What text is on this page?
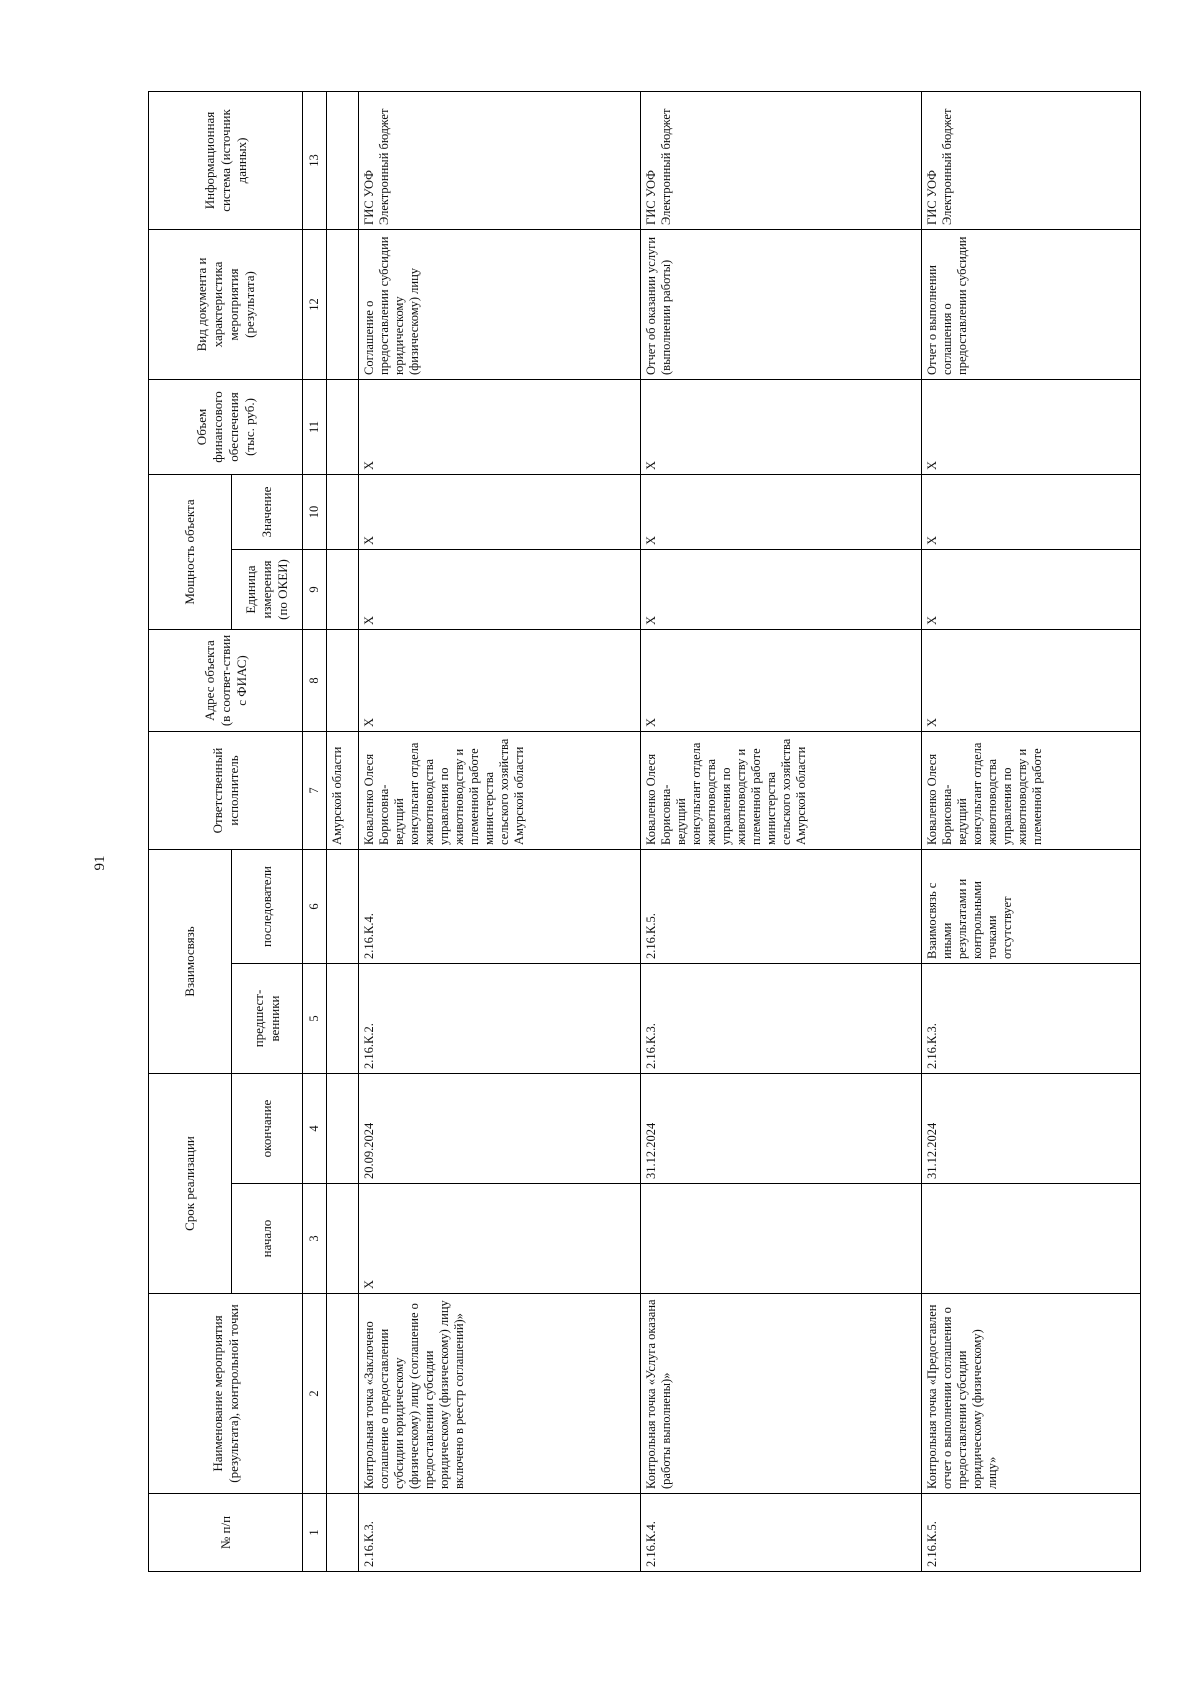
91
№ п/п	Наименование мероприятия (результата), контрольной точки	Срок реализации		Взаимосвязь		Ответственный исполнитель	Адрес объекта (в соответ-ствии с ФИАС)	Мощность объекта		Объем финансового обеспечения (тыс. руб.)	Вид документа и характеристика мероприятия (результата)	Информационная система (источник данных)
		начало	окончание	предшест-венники	последователи			Единица измерения (по ОКЕИ)	Значение			
1	2	3	4	5	6	7	8	9	10	11	12	13
						Амурской области						
2.16.К.3.	Контрольная точка «Заключено соглашение о предоставлении субсидии юридическому (физическому) лицу (соглашение о предоставлении субсидии юридическому (физическому) лицу включено в реестр соглашений)»	Х	20.09.2024	2.16.К.2.	2.16.К.4.	Коваленко Олеся Борисовна- ведущий консультант отдела животноводства управления по животноводству и племенной работе министерства сельского хозяйства Амурской области	Х	Х	Х	Х	Соглашение о предоставлении субсидии юридическому (физическому) лицу	ГИС УОФ Электронный бюджет
2.16.К.4.	Контрольная точка «Услуга оказана (работы выполнены)»		31.12.2024	2.16.К.3.	2.16.К.5.	Коваленко Олеся Борисовна- ведущий консультант отдела животноводства управления по животноводству и племенной работе министерства сельского хозяйства Амурской области	Х	Х	Х	Х	Отчет об оказании услуги (выполнении работы)	ГИС УОФ Электронный бюджет
2.16.К.5.	Контрольная точка «Предоставлен отчет о выполнении соглашения о предоставлении субсидии юридическому (физическому) лицу»		31.12.2024	2.16.К.3.	Взаимосвязь с иными результатами и контрольными точками отсутствует	Коваленко Олеся Борисовна- ведущий консультант отдела животноводства управления по животноводству и племенной работе	Х	Х	Х	Х	Отчет о выполнении соглашения о предоставлении субсидии	ГИС УОФ Электронный бюджет
